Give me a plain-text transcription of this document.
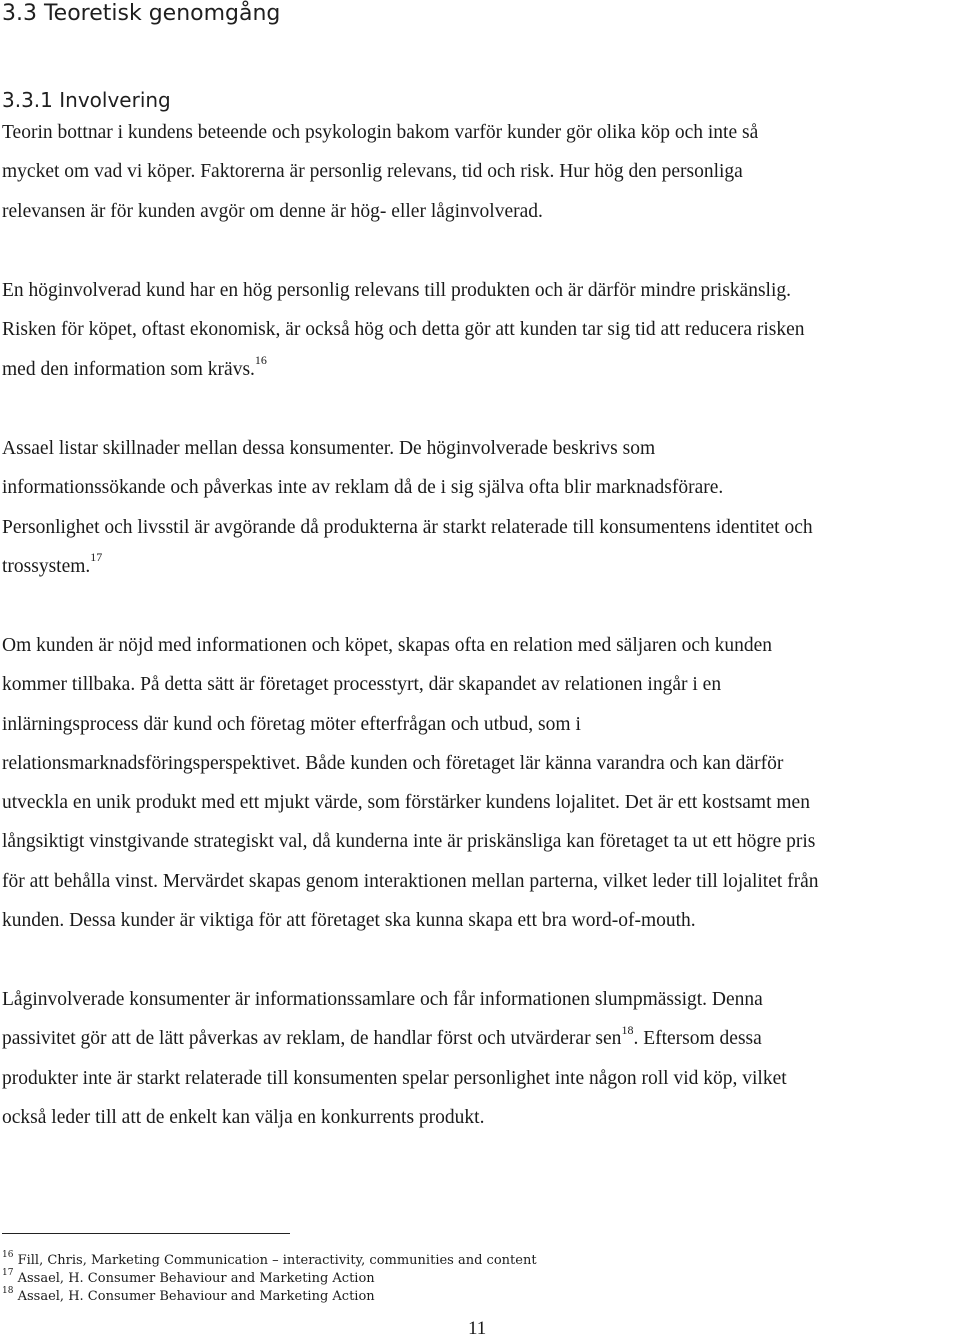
3.3 Teoretisk genomgång
3.3.1 Involvering
Teorin bottnar i kundens beteende och psykologin bakom varför kunder gör olika köp och inte så
mycket om vad vi köper. Faktorerna är personlig relevans, tid och risk. Hur hög den personliga
relevansen är för kunden avgör om denne är hög- eller låginvolverad.
En höginvolverad kund har en hög personlig relevans till produkten och är därför mindre priskänslig.
Risken för köpet, oftast ekonomisk, är också hög och detta gör att kunden tar sig tid att reducera risken
med den information som krävs.$^{16}$
Assael listar skillnader mellan dessa konsumenter. De höginvolverade beskrivs som
informationssökande och påverkas inte av reklam då de i sig själva ofta blir marknadsförare.
Personlighet och livsstil är avgörande då produkterna är starkt relaterade till konsumentens identitet och
trossystem.$^{17}$
Om kunden är nöjd med informationen och köpet, skapas ofta en relation med säljaren och kunden
kommer tillbaka. På detta sätt är företaget processtyrt, där skapandet av relationen ingår i en
inlärningsprocess där kund och företag möter efterfrågan och utbud, som i
relationsmarknadsföringsperspektivet. Både kunden och företaget lär känna varandra och kan därför
utveckla en unik produkt med ett mjukt värde, som förstärker kundens lojalitet. Det är ett kostsamt men
långsiktigt vinstgivande strategiskt val, då kunderna inte är priskänsliga kan företaget ta ut ett högre pris
för att behålla vinst. Mervärdet skapas genom interaktionen mellan parterna, vilket leder till lojalitet från
kunden. Dessa kunder är viktiga för att företaget ska kunna skapa ett bra word-of-mouth.
Låginvolverade konsumenter är informationssamlare och får informationen slumpmässigt. Denna
passivitet gör att de lätt påverkas av reklam, de handlar först och utvärderar sen$^{18}$. Eftersom dessa
produkter inte är starkt relaterade till konsumenten spelar personlighet inte någon roll vid köp, vilket
också leder till att de enkelt kan välja en konkurrents produkt.
$^{16}$ Fill, Chris, Marketing Communication – interactivity, communities and content
$^{17}$ Assael, H. Consumer Behaviour and Marketing Action
$^{18}$ Assael, H. Consumer Behaviour and Marketing Action
11
